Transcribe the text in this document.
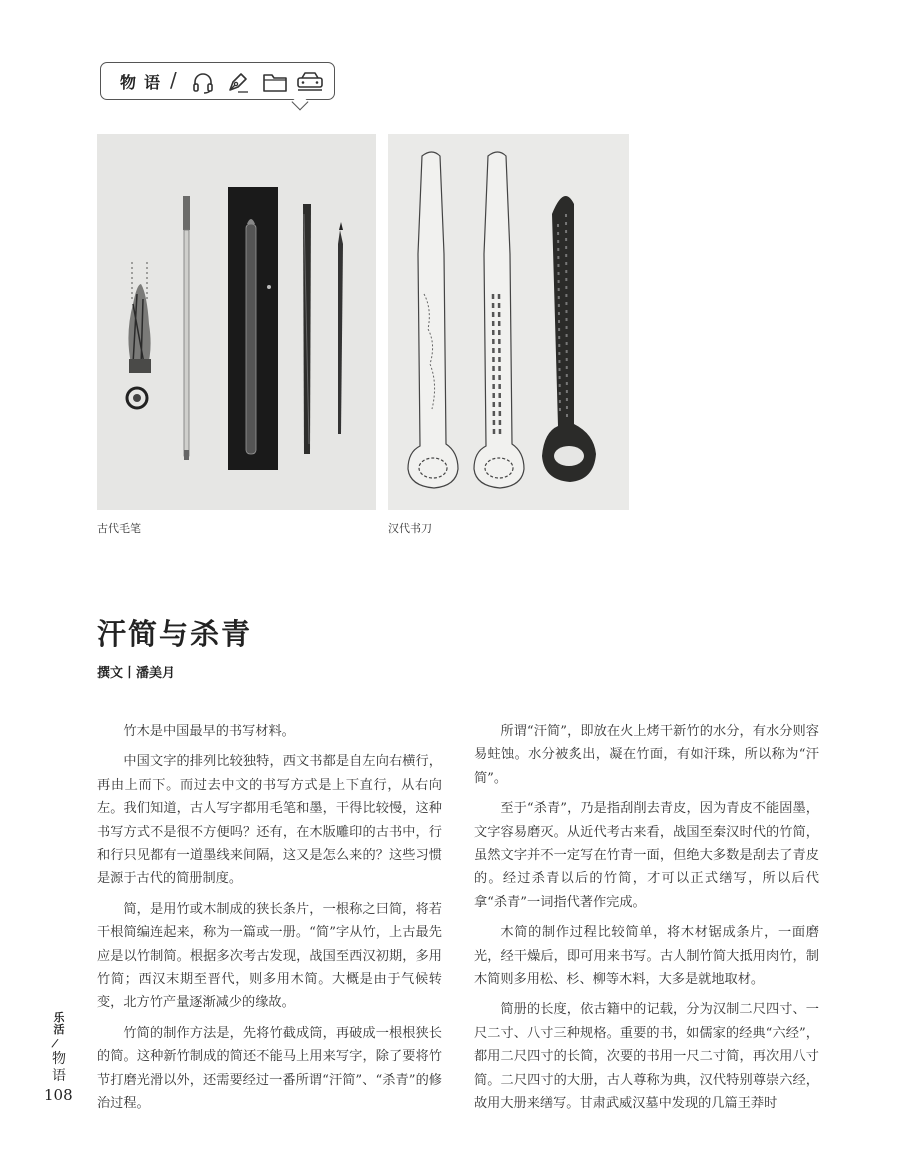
物语 /
古代毛笔	汉代书刀
汗简与杀青
撰文丨潘美月

竹木是中国最早的书写材料。

中国文字的排列比较独特，西文书都是自左向右横行，再由上而下。而过去中文的书写方式是上下直行，从右向左。我们知道，古人写字都用毛笔和墨，干得比较慢，这种书写方式不是很不方便吗？还有，在木版雕印的古书中，行和行只见都有一道墨线来间隔，这又是怎么来的？这些习惯是源于古代的简册制度。

简，是用竹或木制成的狭长条片，一根称之曰简，将若干根简编连起来，称为一篇或一册。“简”字从竹，上古最先应是以竹制简。根据多次考古发现，战国至西汉初期，多用竹简；西汉末期至晋代，则多用木简。大概是由于气候转变，北方竹产量逐渐减少的缘故。

竹简的制作方法是，先将竹截成筒，再破成一根根狭长的简。这种新竹制成的简还不能马上用来写字，除了要将竹节打磨光滑以外，还需要经过一番所谓“汗简”、“杀青”的修治过程。

所谓“汗简”，即放在火上烤干新竹的水分，有水分则容易蛀蚀。水分被炙出，凝在竹面，有如汗珠，所以称为“汗简”。

至于“杀青”，乃是指刮削去青皮，因为青皮不能固墨，文字容易磨灭。从近代考古来看，战国至秦汉时代的竹简，虽然文字并不一定写在竹青一面，但绝大多数是刮去了青皮的。经过杀青以后的竹简，才可以正式缮写，所以后代拿“杀青”一词指代著作完成。

木简的制作过程比较简单，将木材锯成条片，一面磨光，经干燥后，即可用来书写。古人制竹简大抵用肉竹，制木简则多用松、杉、柳等木料，大多是就地取材。

简册的长度，依古籍中的记载，分为汉制二尺四寸、一尺二寸、八寸三种规格。重要的书，如儒家的经典“六经”，都用二尺四寸的长简，次要的书用一尺二寸简，再次用八寸简。二尺四寸的大册，古人尊称为典，汉代特别尊崇六经，故用大册来缮写。甘肃武威汉墓中发现的几篇王莽时

乐活
/
物语
108
